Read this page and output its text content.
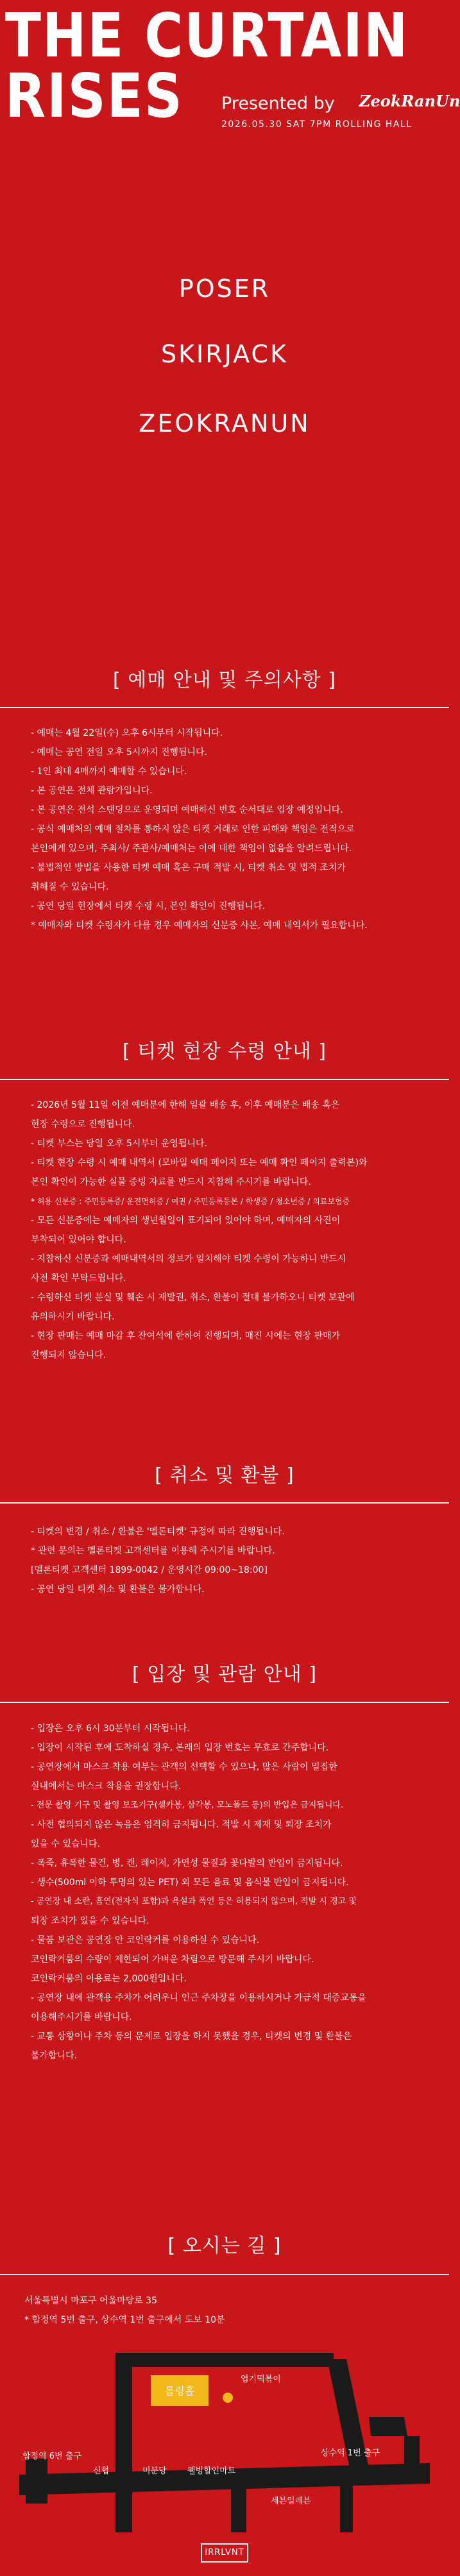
THE CURTAIN
RISES Presented by ZeokRanUn
2026.05.30 SAT 7PM ROLLING HALL
POSER
SKIRJACK
ZEOKRANUN
[ 예매 안내 및 주의사항 ]
- 예매는 4월 22일(수) 오후 6시부터 시작됩니다.
- 예매는 공연 전일 오후 5시까지 진행됩니다.
- 1인 최대 4매까지 예매할 수 있습니다.
- 본 공연은 전체 관람가입니다.
- 본 공연은 전석 스탠딩으로 운영되며 예매하신 번호 순서대로 입장 예정입니다.
- 공식 예매처의 예매 절차를 통하지 않은 티켓 거래로 인한 피해와 책임은 전적으로
본인에게 있으며, 주최사/ 주관사/예매처는 이에 대한 책임이 없음을 알려드립니다.
- 불법적인 방법을 사용한 티켓 예매 혹은 구매 적발 시, 티켓 취소 및 법적 조치가
취해질 수 있습니다.
- 공연 당일 현장에서 티켓 수령 시, 본인 확인이 진행됩니다.
* 예매자와 티켓 수령자가 다를 경우 예매자의 신분증 사본, 예매 내역서가 필요합니다.
[ 티켓 현장 수령 안내 ]
- 2026년 5월 11일 이전 예매분에 한해 일괄 배송 후, 이후 예매분은 배송 혹은
현장 수령으로 진행됩니다.
- 티켓 부스는 당일 오후 5시부터 운영됩니다.
- 티켓 현장 수령 시 예매 내역서 (모바일 예매 페이지 또는 예매 확인 페이지 출력본)와
본인 확인이 가능한 실물 증빙 자료를 반드시 지참해 주시기를 바랍니다.
* 허용 신분증 : 주민등록증/ 운전면허증 / 여권 / 주민등록등본 / 학생증 / 청소년증 / 의료보험증
- 모든 신분증에는 예매자의 생년월일이 표기되어 있어야 하며, 예매자의 사진이
부착되어 있어야 합니다.
- 지참하신 신분증과 예매내역서의 정보가 일치해야 티켓 수령이 가능하니 반드시
사전 확인 부탁드립니다.
- 수령하신 티켓 분실 및 훼손 시 재발권, 취소, 환불이 절대 불가하오니 티켓 보관에
유의하시기 바랍니다.
- 현장 판매는 예매 마감 후 잔여석에 한하여 진행되며, 매진 시에는 현장 판매가
진행되지 않습니다.
[ 취소 및 환불 ]
- 티켓의 변경 / 취소 / 환불은 '멜론티켓' 규정에 따라 진행됩니다.
* 관련 문의는 멜론티켓 고객센터를 이용해 주시기를 바랍니다.
[멜론티켓 고객센터 1899-0042 / 운영시간 09:00~18:00]
- 공연 당일 티켓 취소 및 환불은 불가합니다.
[ 입장 및 관람 안내 ]
- 입장은 오후 6시 30분부터 시작됩니다.
- 입장이 시작된 후에 도착하실 경우, 본래의 입장 번호는 무효로 간주합니다.
- 공연장에서 마스크 착용 여부는 관객의 선택할 수 있으나, 많은 사람이 밀집한
실내에서는 마스크 착용을 권장합니다.
- 전문 촬영 기구 및 촬영 보조기구(셀카봉, 삼각봉, 모노폴드 등)의 반입은 금지됩니다.
- 사전 협의되지 않은 녹음은 엄격히 금지됩니다. 적발 시 제재 및 퇴장 조치가
있을 수 있습니다.
- 폭죽, 휴폭한 물건, 병, 캔, 레이저, 가연성 물질과 꽃다발의 반입이 금지됩니다.
- 생수(500ml 이하 투명의 있는 PET) 외 모든 음료 및 음식물 반입이 금지됩니다.
- 공연장 내 소란, 흡연(전자식 포함)과 욕설과 폭언 등은 허용되지 않으며, 적발 시 경고 및
퇴장 조치가 있을 수 있습니다.
- 물품 보관은 공연장 안 코인락커를 이용하실 수 있습니다.
코인락커룸의 수량이 제한되어 가벼운 차림으로 방문해 주시기 바랍니다.
코인락커룸의 이용료는 2,000원입니다.
- 공연장 내에 관객용 주차가 어려우니 인근 주차장을 이용하시거나 가급적 대중교통을
이용해주시기를 바랍니다.
- 교통 상황이나 주차 등의 문제로 입장을 하지 못했을 경우, 티켓의 변경 및 환불은
불가합니다.
[ 오시는 길 ]
서울특별시 마포구 어울마당로 35
* 합정역 5번 출구, 상수역 1번 출구에서 도보 10분
롤링홀
엽기떡볶이
합정역 6번 출구	상수역 1번 출구
신협	미분당 웰빙할인마트
세븐일레븐
IRRLVNT
